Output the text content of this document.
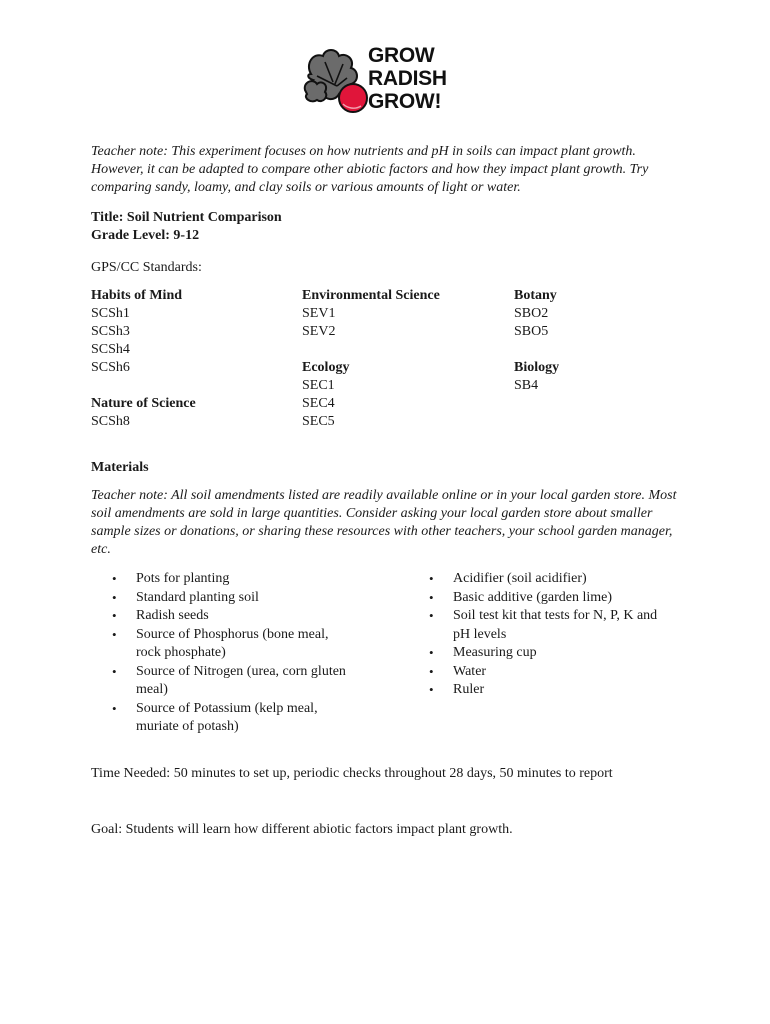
GROW
RADISH
GROW!

Teacher note: This experiment focuses on how nutrients and pH in soils can impact plant growth. However, it can be adapted to compare other abiotic factors and how they impact plant growth. Try comparing sandy, loamy, and clay soils or various amounts of light or water.

Title: Soil Nutrient Comparison

Grade Level: 9-12

GPS/CC Standards:

Habits of Mind
SCSh1
SCSh3
SCSh4
SCSh6
Nature of Science
SCSh8
Environmental Science
SEV1
SEV2
Ecology
SEC1
SEC4
SEC5
Botany
SBO2
SBO5
Biology
SB4

Materials

Teacher note: All soil amendments listed are readily available online or in your local garden store. Most soil amendments are sold in large quantities. Consider asking your local garden store about smaller sample sizes or donations, or sharing these resources with other teachers, your school garden manager, etc.

• Pots for planting
• Standard planting soil
• Radish seeds
• Source of Phosphorus (bone meal, rock phosphate)
• Source of Nitrogen (urea, corn gluten meal)
• Source of Potassium (kelp meal, muriate of potash)
• Acidifier (soil acidifier)
• Basic additive (garden lime)
• Soil test kit that tests for N, P, K and pH levels
• Measuring cup
• Water
• Ruler

Time Needed: 50 minutes to set up, periodic checks throughout 28 days, 50 minutes to report

Goal: Students will learn how different abiotic factors impact plant growth.
